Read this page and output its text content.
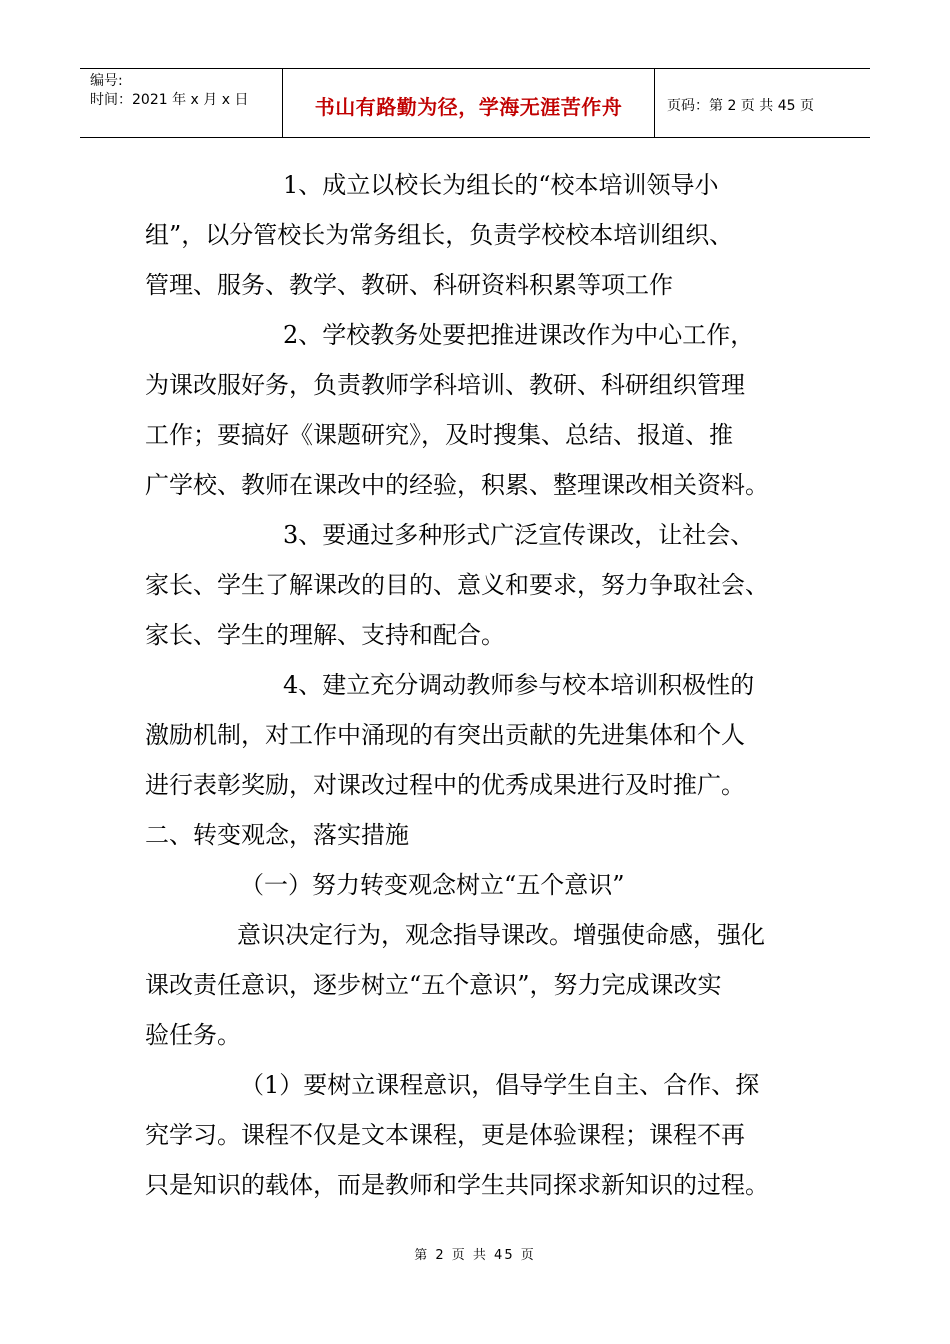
编号:
时间：2021 年 x 月 x 日	书山有路勤为径，学海无涯苦作舟	页码：第 2 页 共 45 页
1、成立以校长为组长的“校本培训领导小
组”，以分管校长为常务组长，负责学校校本培训组织、
管理、服务、教学、教研、科研资料积累等项工作
2、学校教务处要把推进课改作为中心工作，
为课改服好务，负责教师学科培训、教研、科研组织管理
工作；要搞好《课题研究》，及时搜集、总结、报道、推
广学校、教师在课改中的经验，积累、整理课改相关资料。
3、要通过多种形式广泛宣传课改，让社会、
家长、学生了解课改的目的、意义和要求，努力争取社会、
家长、学生的理解、支持和配合。
4、建立充分调动教师参与校本培训积极性的
激励机制，对工作中涌现的有突出贡献的先进集体和个人
进行表彰奖励，对课改过程中的优秀成果进行及时推广。
二、转变观念，落实措施
（一）努力转变观念树立“五个意识”
意识决定行为，观念指导课改。增强使命感，强化
课改责任意识，逐步树立“五个意识”，努力完成课改实
验任务。
（1）要树立课程意识，倡导学生自主、合作、探
究学习。课程不仅是文本课程，更是体验课程；课程不再
只是知识的载体，而是教师和学生共同探求新知识的过程。
第 2 页 共 45 页
